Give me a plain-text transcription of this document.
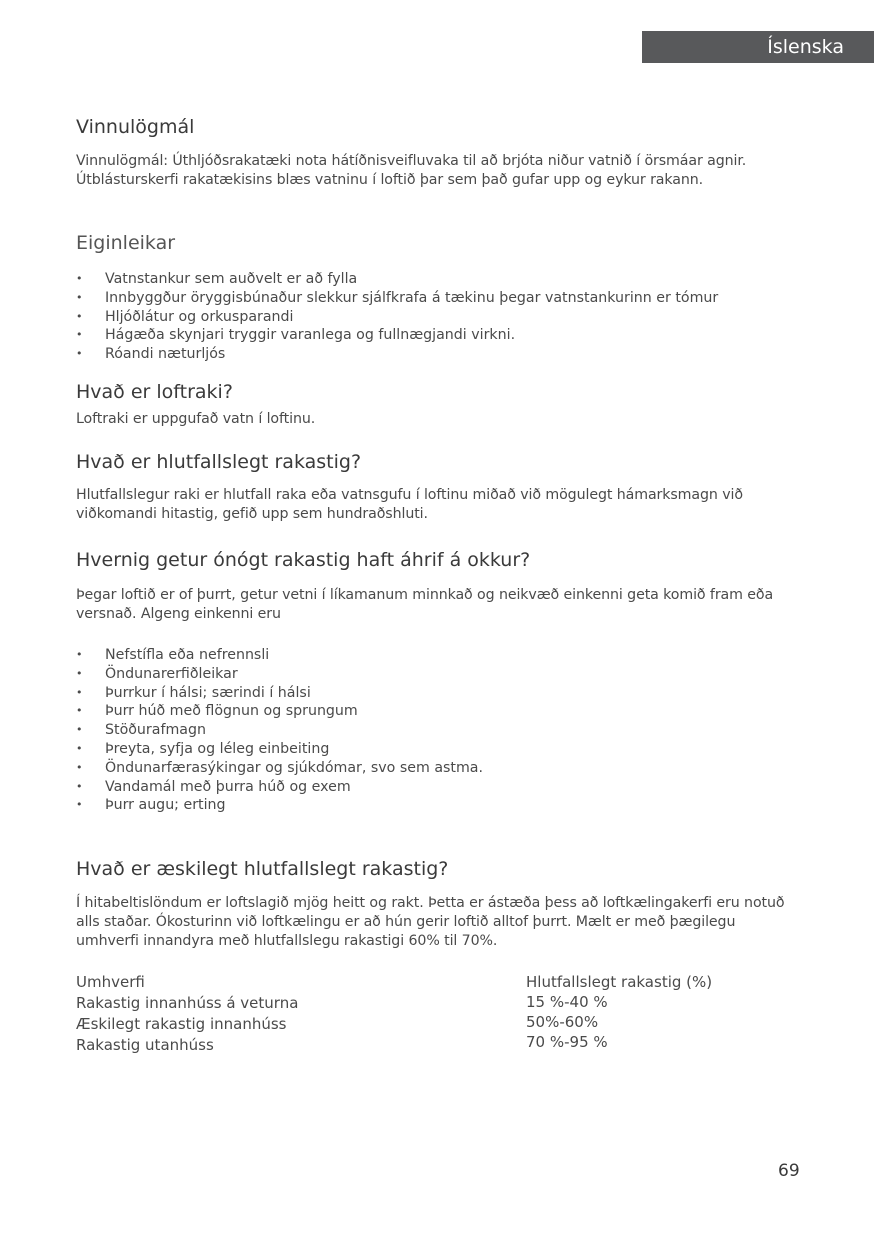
Íslenska
Vinnulögmál
Vinnulögmál: Úthljóðsrakatæki nota hátíðnisveifluvaka til að brjóta niður vatnið í örsmáar agnir. Útblásturskerfi rakatækisins blæs vatninu í loftið þar sem það gufar upp og eykur rakann.
Eiginleikar
• Vatnstankur sem auðvelt er að fylla
• Innbyggður öryggisbúnaður slekkur sjálfkrafa á tækinu þegar vatnstankurinn er tómur
• Hljóðlátur og orkusparandi
• Hágæða skynjari tryggir varanlega og fullnægjandi virkni.
• Róandi næturljós
Hvað er loftraki?
Loftraki er uppgufað vatn í loftinu.
Hvað er hlutfallslegt rakastig?
Hlutfallslegur raki er hlutfall raka eða vatnsgufu í loftinu miðað við mögulegt hámarksmagn við viðkomandi hitastig, gefið upp sem hundraðshluti.
Hvernig getur ónógt rakastig haft áhrif á okkur?
Þegar loftið er of þurrt, getur vetni í líkamanum minnkað og neikvæð einkenni geta komið fram eða versnað. Algeng einkenni eru
• Nefstífla eða nefrennsli
• Öndunarerfiðleikar
• Þurrkur í hálsi; særindi í hálsi
• Þurr húð með flögnun og sprungum
• Stöðurafmagn
• Þreyta, syfja og léleg einbeiting
• Öndunarfærasýkingar og sjúkdómar, svo sem astma.
• Vandamál með þurra húð og exem
• Þurr augu; erting
Hvað er æskilegt hlutfallslegt rakastig?
Í hitabeltislöndum er loftslagið mjög heitt og rakt. Þetta er ástæða þess að loftkælingakerfi eru notuð alls staðar. Ókosturinn við loftkælingu er að hún gerir loftið alltof þurrt. Mælt er með þægilegu umhverfi innandyra með hlutfallslegu rakastigi 60% til 70%.
Umhverfi
Rakastig innanhúss á veturna
Æskilegt rakastig innanhúss
Rakastig utanhúss
Hlutfallslegt rakastig (%)
15 %-40 %
50%-60%
70 %-95 %
69
